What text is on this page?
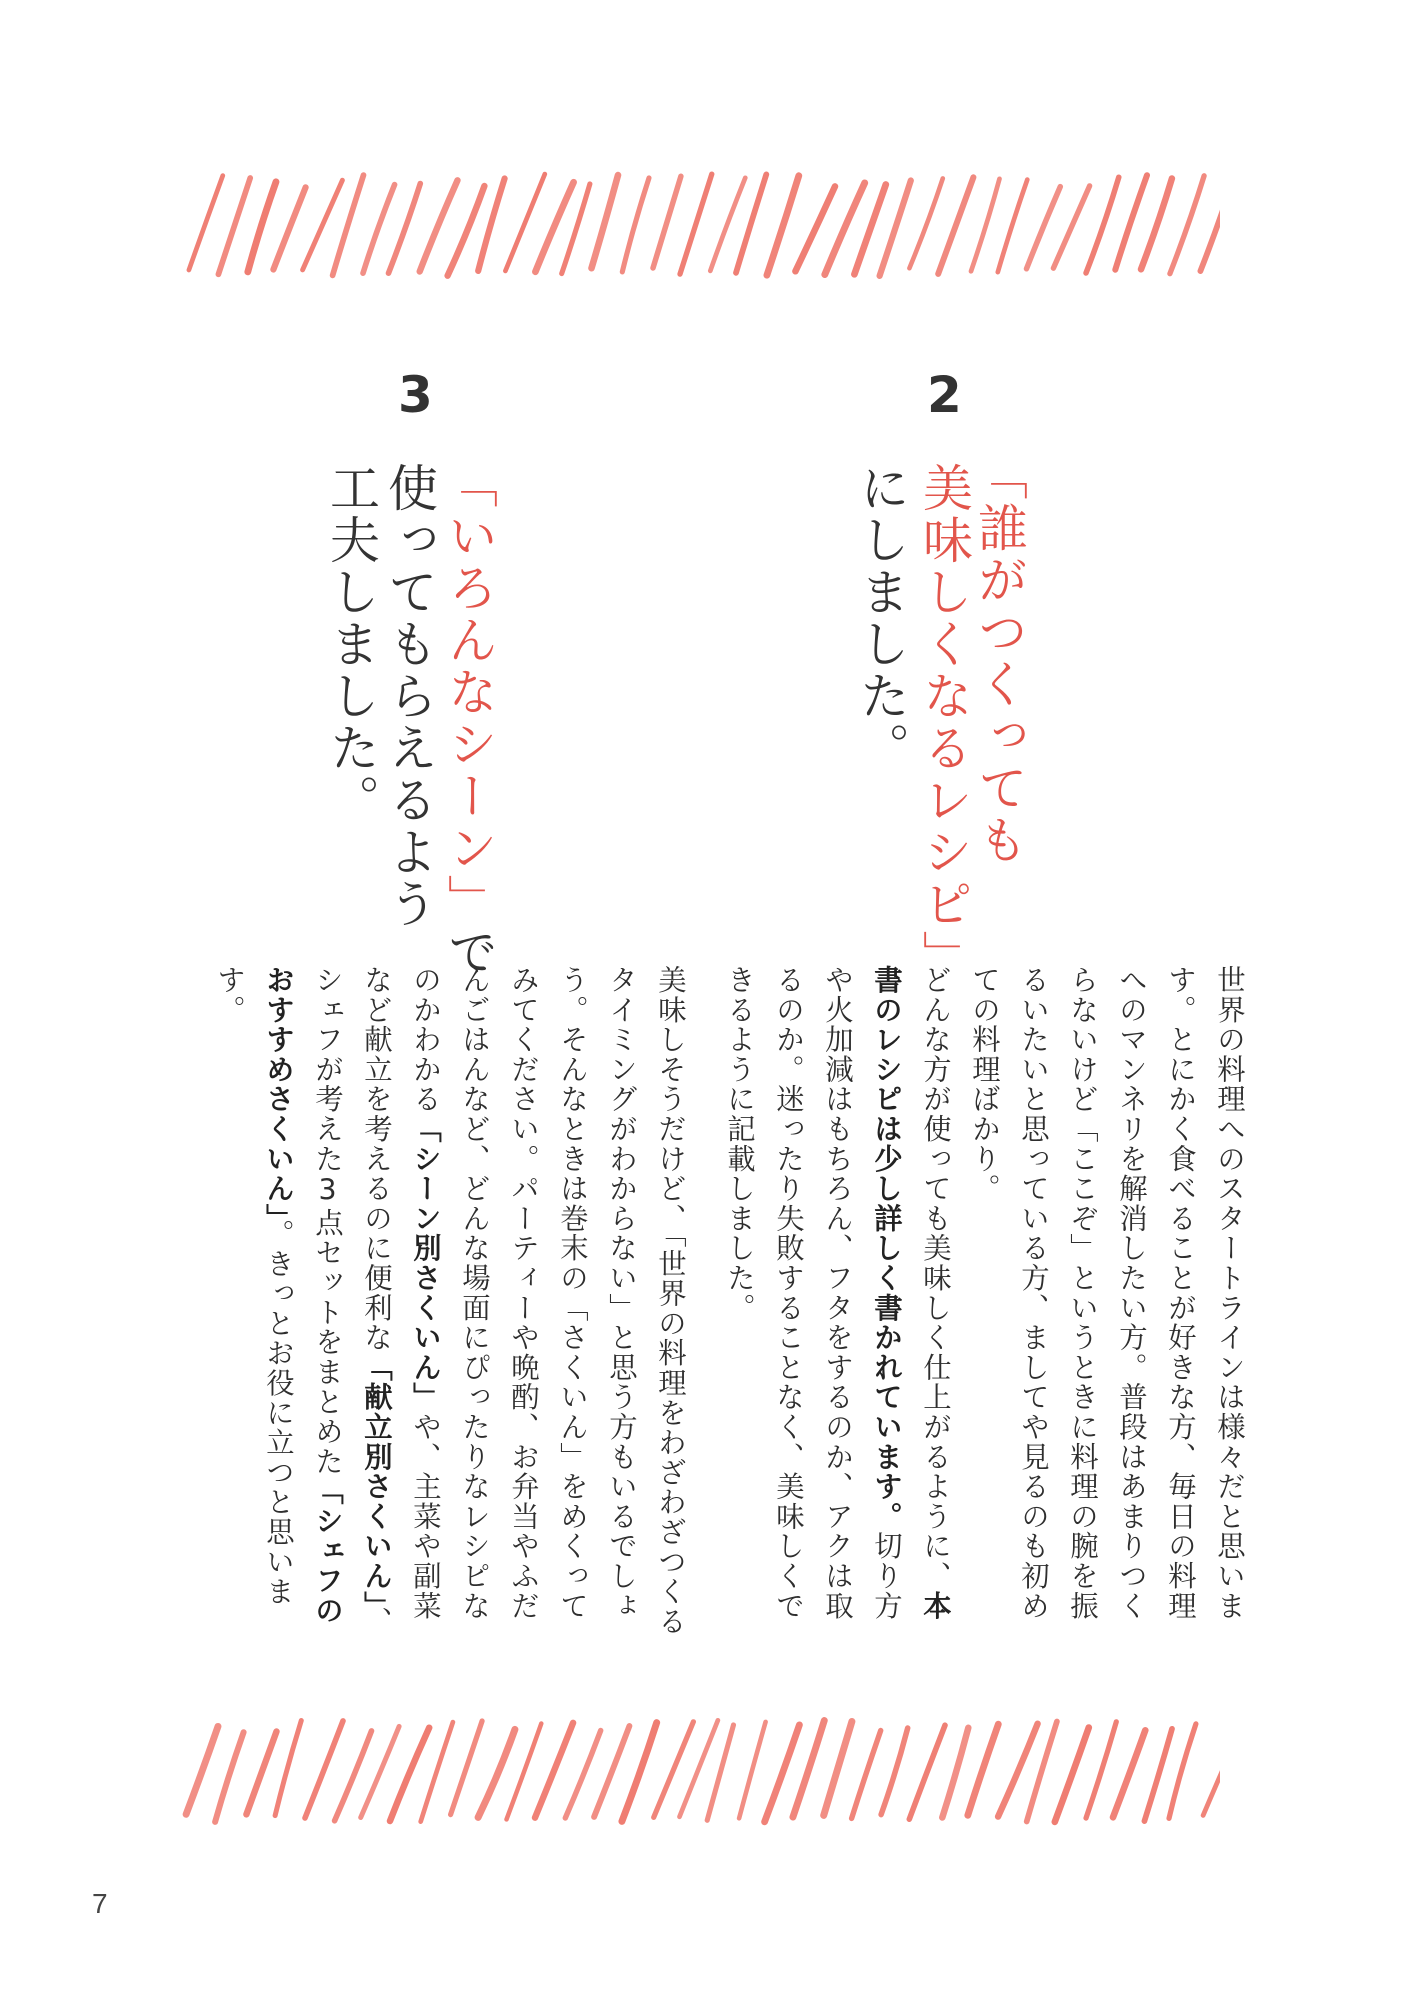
2
「誰がつくっても
美味しくなるレシピ」
にしました。
世界の料理へのスタートラインは様々だと思います。とにかく食べることが好きな方、毎日の料理へのマンネリを解消したい方。普段はあまりつくらないけど「ここぞ」というときに料理の腕を振るいたいと思っている方、ましてや見るのも初めての料理ばかり。
どんな方が使っても美味しく仕上がるように、本書のレシピは少し詳しく書かれています。切り方や火加減はもちろん、フタをするのか、アクは取るのか。迷ったり失敗することなく、美味しくできるように記載しました。
3
「いろんなシーン」で
使ってもらえるよう
工夫しました。
美味しそうだけど、「世界の料理をわざわざつくるタイミングがわからない」と思う方もいるでしょう。そんなときは巻末の「さくいん」をめくってみてください。パーティーや晩酌、お弁当やふだんごはんなど、どんな場面にぴったりなレシピなのかわかる「シーン別さくいん」や、主菜や副菜など献立を考えるのに便利な「献立別さくいん」、シェフが考えた3点セットをまとめた「シェフのおすすめさくいん」。きっとお役に立つと思います。
7
